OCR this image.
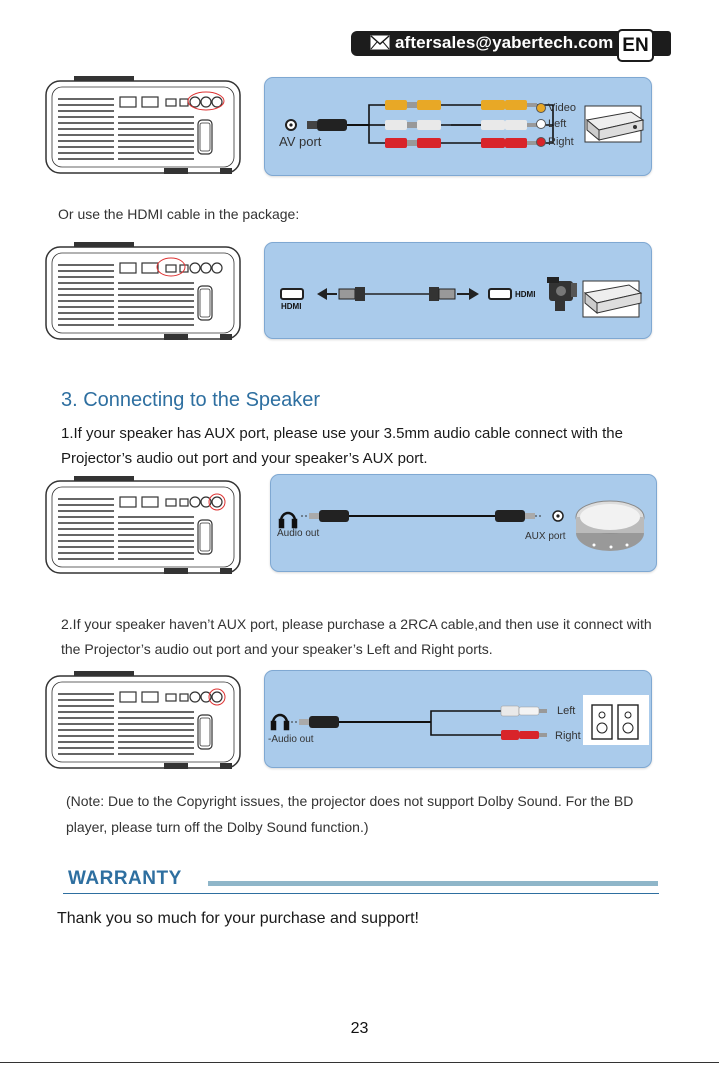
aftersales@yabertech.com EN
AV port
Video
Left
Right
Or use the HDMI cable in the package:
HDMI
HDMI
3. Connecting to the Speaker
1.If your speaker has AUX port, please use your 3.5mm audio cable connect with the Projector’s audio out port and your speaker’s AUX port.
Audio out	AUX port
2.If your speaker haven’t AUX port, please purchase a 2RCA cable,and then use it connect with the Projector’s audio out port and your speaker’s Left and Right ports.
-Audio out
Left
Right
(Note: Due to the Copyright issues, the projector does not support Dolby Sound. For the BD player, please turn off the Dolby Sound function.)
WARRANTY
Thank you so much for your purchase and support!
23
